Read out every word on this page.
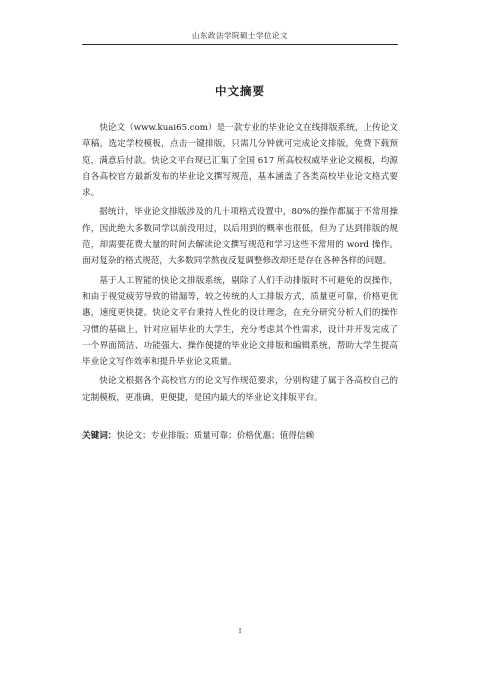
山东政法学院硕士学位论文
中文摘要

快论文（www.kuai65.com）是一款专业的毕业论文在线排版系统，上传论文草稿，选定学校模板，点击一键排版，只需几分钟就可完成论文排版，免费下载预览，满意后付款。快论文平台现已汇集了全国 617 所高校权威毕业论文模板，均源自各高校官方最新发布的毕业论文撰写规范，基本涵盖了各类高校毕业论文格式要求。

据统计，毕业论文排版涉及的几十项格式设置中，80%的操作都属于不常用操作，因此绝大多数同学以前没用过，以后用到的概率也很低，但为了达到排版的规范，却需要花费大量的时间去解读论文撰写规范和学习这些不常用的 word 操作。面对复杂的格式规范，大多数同学熬夜反复调整修改却还是存在各种各样的问题。

基于人工智能的快论文排版系统，剔除了人们手动排版时不可避免的误操作，和由于视觉疲劳导致的错漏等，较之传统的人工排版方式，质量更可靠，价格更优惠，速度更快捷。快论文平台秉持人性化的设计理念，在充分研究分析人们的操作习惯的基础上，针对应届毕业的大学生，充分考虑其个性需求，设计并开发完成了一个界面简洁、功能强大、操作便捷的毕业论文排版和编辑系统，帮助大学生提高毕业论文写作效率和提升毕业论文质量。

快论文根据各个高校官方的论文写作规范要求，分别构建了属于各高校自己的定制模板，更准确，更便捷，是国内最大的毕业论文排版平台。

关键词：快论文；专业排版；质量可靠；价格优惠；值得信赖
I
